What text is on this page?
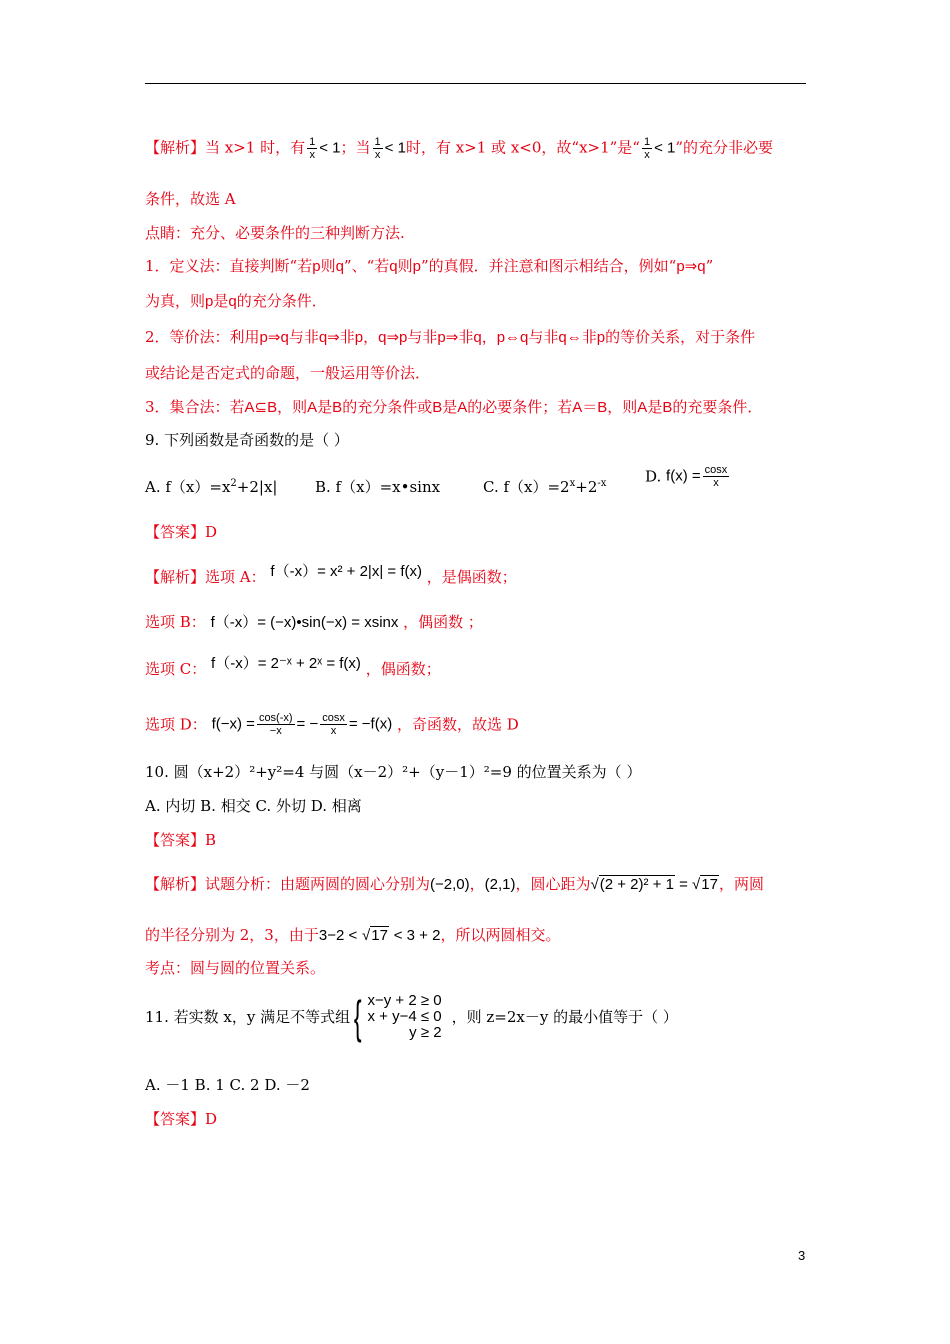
【解析】当 x>1 时，有 $\frac{1}{x} < 1$；当 $\frac{1}{x} < 1$时，有 x>1 或 x<0，故“x>1”是“ $\frac{1}{x} < 1$”的充分非必要
条件，故选 A
点睛：充分、必要条件的三种判断方法.
1．定义法：直接判断“若p则q”、“若q则p”的真假．并注意和图示相结合，例如“p⇒q”
为真，则p是q的充分条件．
2．等价法：利用p⇒q与非q⇒非p，q⇒p与非p⇒非q，p⇔q与非q⇔非p的等价关系，对于条件
或结论是否定式的命题，一般运用等价法．
3．集合法：若A⊆B，则A是B的充分条件或B是A的必要条件；若A＝B，则A是B的充要条件．
9. 下列函数是奇函数的是（ ）
A. $f(x)=x^2+2|x|$	B. f（x）=x•sinx	C. $f(x)=2^x+2^{-x}$	D. $f(x) = \frac{\cos x}{x}$
【答案】D
【解析】选项 A： f（-x）= x² + 2|x| = f(x) ，是偶函数；
选项 B： f（-x）= (−x)•sin(−x) = xsinx ，偶函数 ；
选项 C： f（-x）= 2⁻ˣ + 2ˣ = f(x) ，偶函数；
选项 D： $f(-x) = \frac{\cos(-x)}{-x}$ = − $\frac{\cos x}{x} = -f(x)$ ，奇函数，故选 D
10. 圆（x+2）²+y²=4 与圆（x－2）²+（y－1）²=9 的位置关系为（ ）
A. 内切 B. 相交 C. 外切 D. 相离
【答案】B
【解析】试题分析：由题两圆的圆心分别为(−2,0)，(2,1)，圆心距为√(2 + 2)² + 1 = √17，两圆
的半径分别为 2，3，由于3−2 < √17 < 3 + 2，所以两圆相交。
考点：圆与圆的位置关系。
11. 若实数 x，y 满足不等式组{ x−y + 2 ≥ 0
x + y−4 ≤ 0
y ≥ 2
，则 z=2x－y 的最小值等于（ ）
A. －1 B. 1 C. 2 D. －2
【答案】D
3
